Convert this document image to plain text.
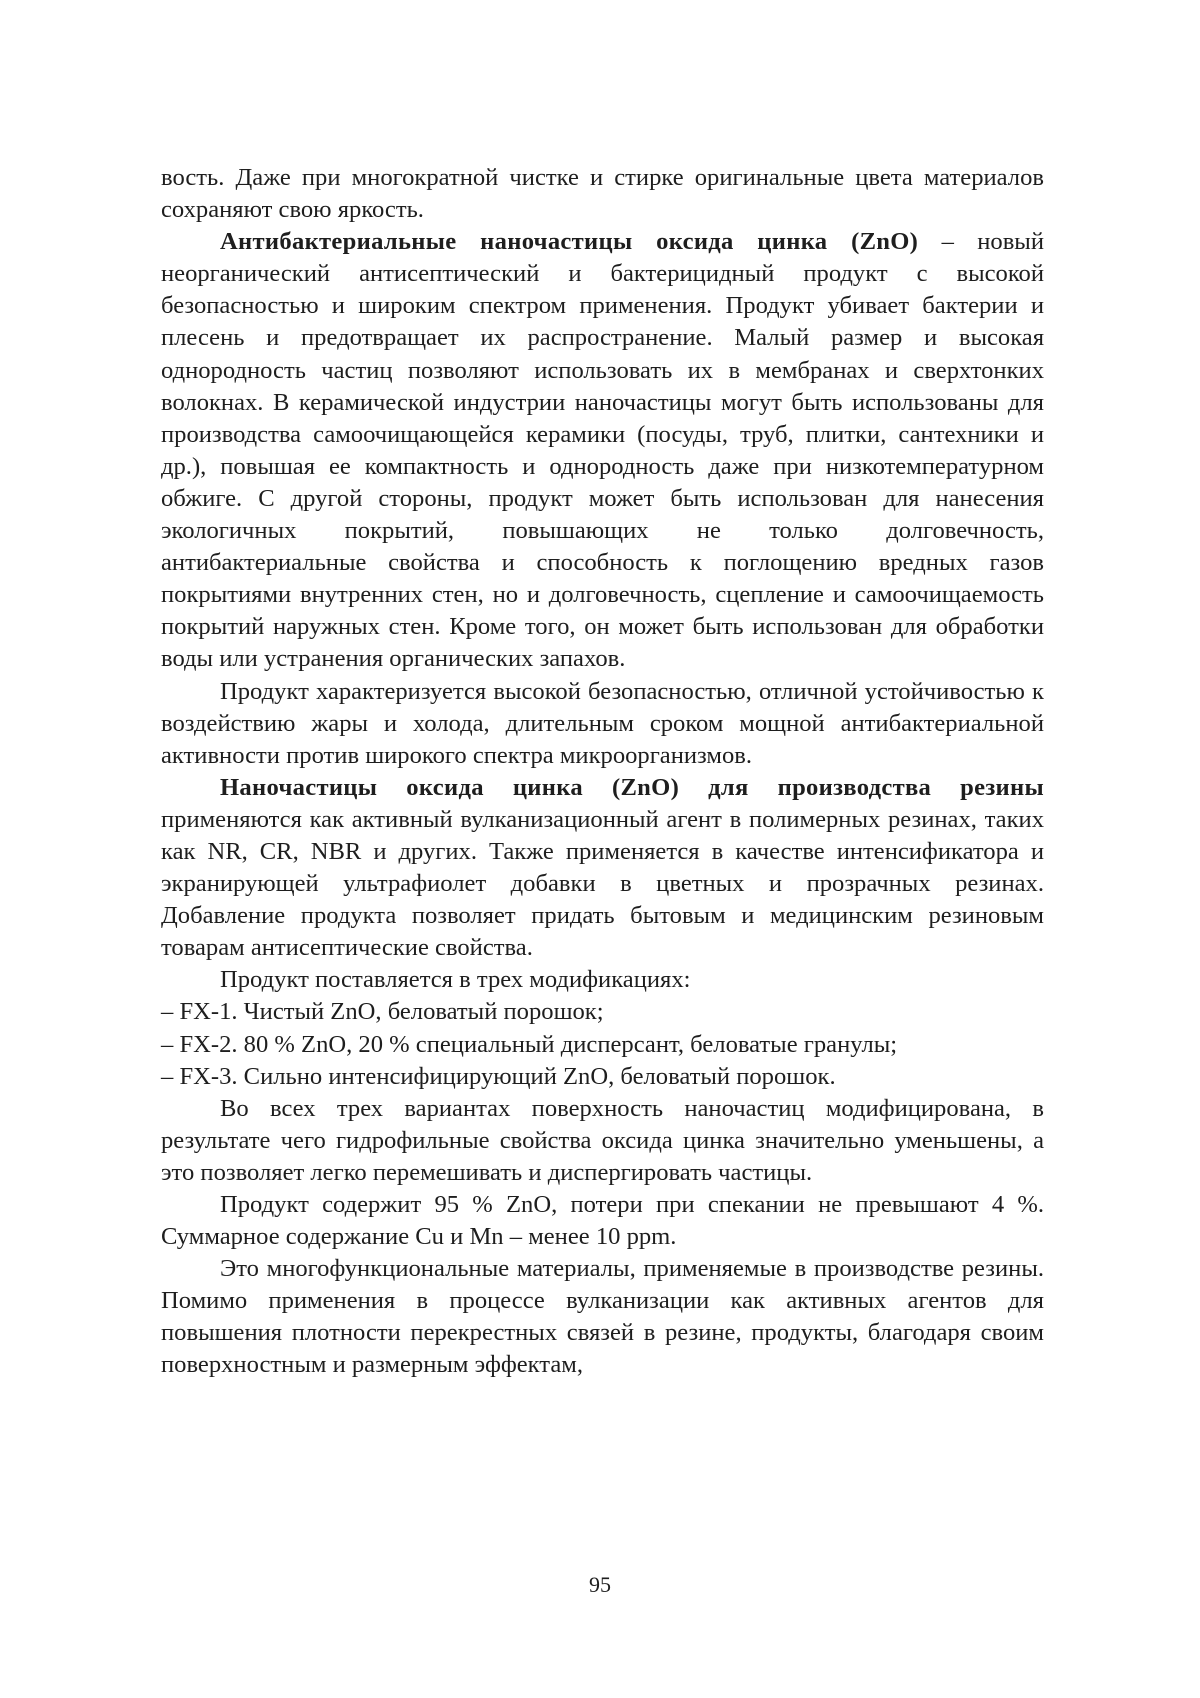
вость. Даже при многократной чистке и стирке оригинальные цвета материалов сохраняют свою яркость.

Антибактериальные наночастицы оксида цинка (ZnO) – новый неорганический антисептический и бактерицидный продукт с высокой безопасностью и широким спектром применения. Продукт убивает бактерии и плесень и предотвращает их распространение. Малый размер и высокая однородность частиц позволяют использовать их в мембранах и сверхтонких волокнах. В керамической индустрии наночастицы могут быть использованы для производства самоочищающейся керамики (посуды, труб, плитки, сантехники и др.), повышая ее компактность и однородность даже при низкотемпературном обжиге. С другой стороны, продукт может быть использован для нанесения экологичных покрытий, повышающих не только долговечность, антибактериальные свойства и способность к поглощению вредных газов покрытиями внутренних стен, но и долговечность, сцепление и самоочищаемость покрытий наружных стен. Кроме того, он может быть использован для обработки воды или устранения органических запахов.

Продукт характеризуется высокой безопасностью, отличной устойчивостью к воздействию жары и холода, длительным сроком мощной антибактериальной активности против широкого спектра микроорганизмов.

Наночастицы оксида цинка (ZnO) для производства резины применяются как активный вулканизационный агент в полимерных резинах, таких как NR, CR, NBR и других. Также применяется в качестве интенсификатора и экранирующей ультрафиолет добавки в цветных и прозрачных резинах. Добавление продукта позволяет придать бытовым и медицинским резиновым товарам антисептические свойства.

Продукт поставляется в трех модификациях:

– FX-1. Чистый ZnO, беловатый порошок;
– FX-2. 80 % ZnO, 20 % специальный дисперсант, беловатые гранулы;
– FX-3. Сильно интенсифицирующий ZnO, беловатый порошок.

Во всех трех вариантах поверхность наночастиц модифицирована, в результате чего гидрофильные свойства оксида цинка значительно уменьшены, а это позволяет легко перемешивать и диспергировать частицы.

Продукт содержит 95 % ZnO, потери при спекании не превышают 4 %. Суммарное содержание Cu и Mn – менее 10 ppm.

Это многофункциональные материалы, применяемые в производстве резины. Помимо применения в процессе вулканизации как активных агентов для повышения плотности перекрестных связей в резине, продукты, благодаря своим поверхностным и размерным эффектам,

95
